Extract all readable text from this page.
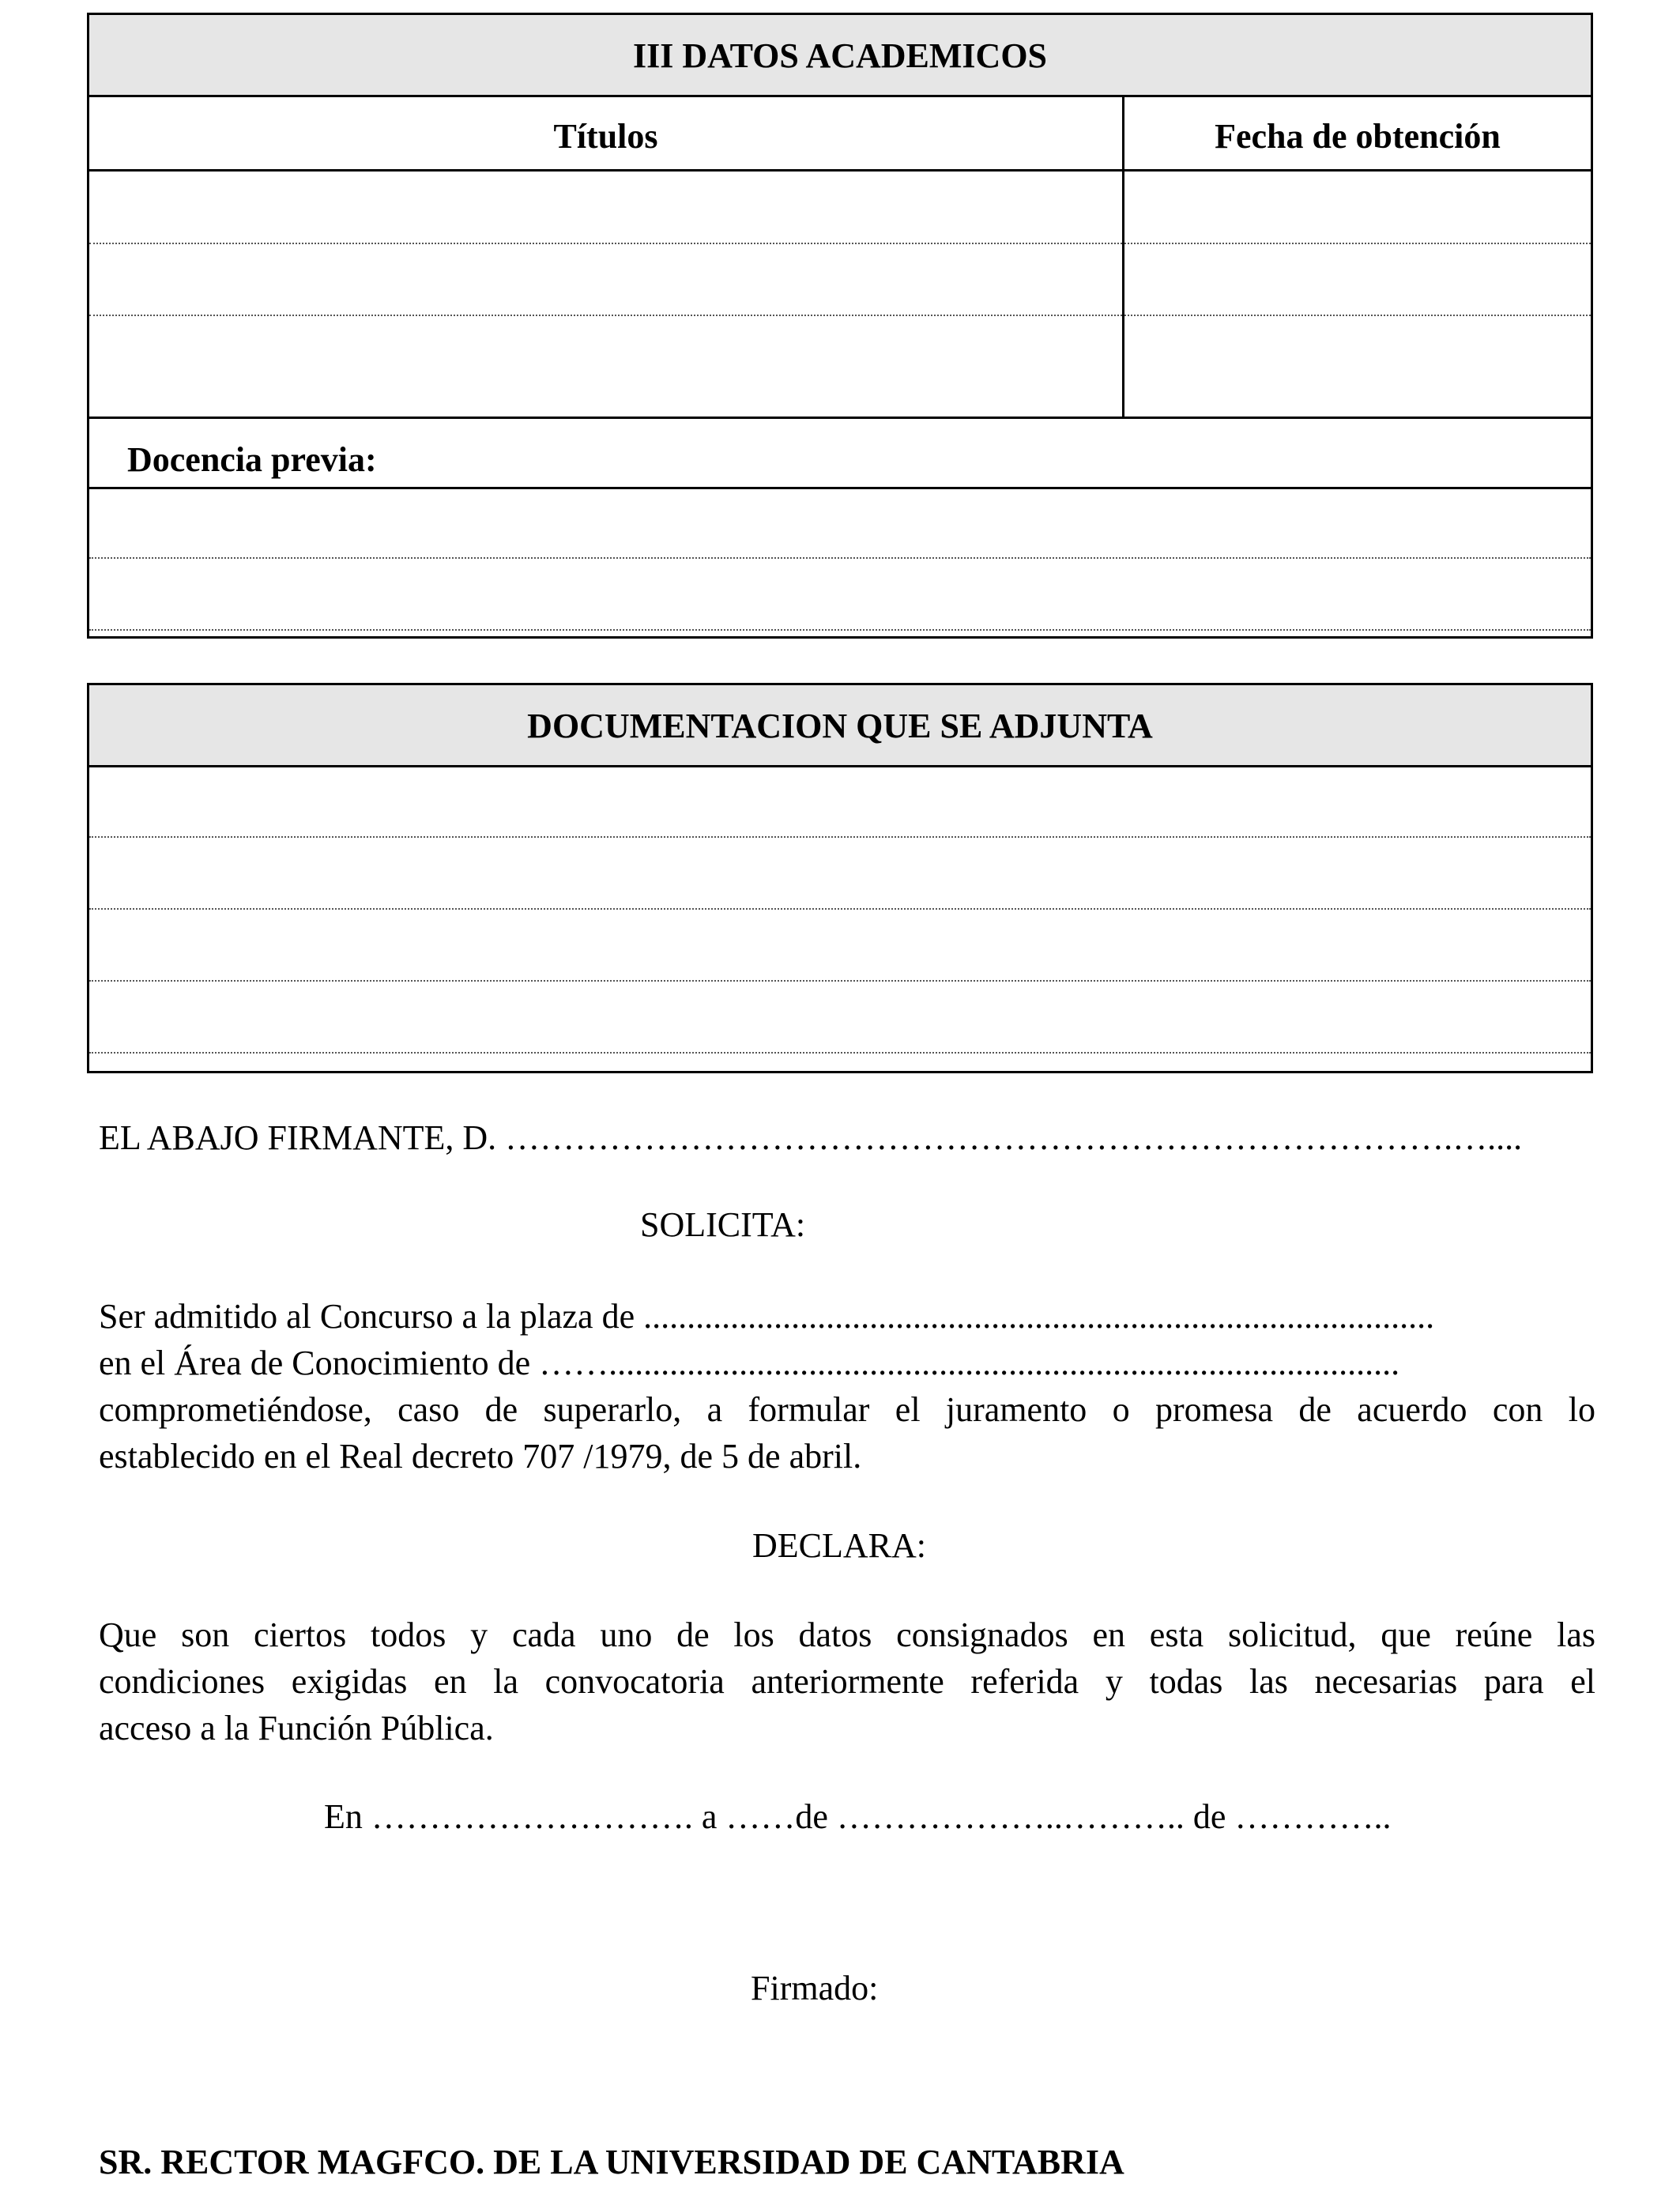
III DATOS ACADEMICOS
Títulos	Fecha de obtención
Docencia previa:
DOCUMENTACION QUE SE ADJUNTA
EL ABAJO FIRMANTE, D. ……………………………………………………………………….…....
SOLICITA:
Ser admitido al Concurso a la plaza de ...........................................................................................
en el Área de Conocimiento de ……...........................................................................................
comprometiéndose, caso de superarlo, a formular el juramento o promesa de acuerdo con lo
establecido en el Real decreto 707 /1979, de 5 de abril.
DECLARA:
Que son ciertos todos y cada uno de los datos consignados en esta solicitud, que reúne las
condiciones exigidas en la convocatoria anteriormente referida y todas las necesarias para el
acceso a la Función Pública.
En ………………………. a ……de ………………..……….. de …………..
Firmado:
SR. RECTOR MAGFCO. DE LA UNIVERSIDAD DE CANTABRIA
